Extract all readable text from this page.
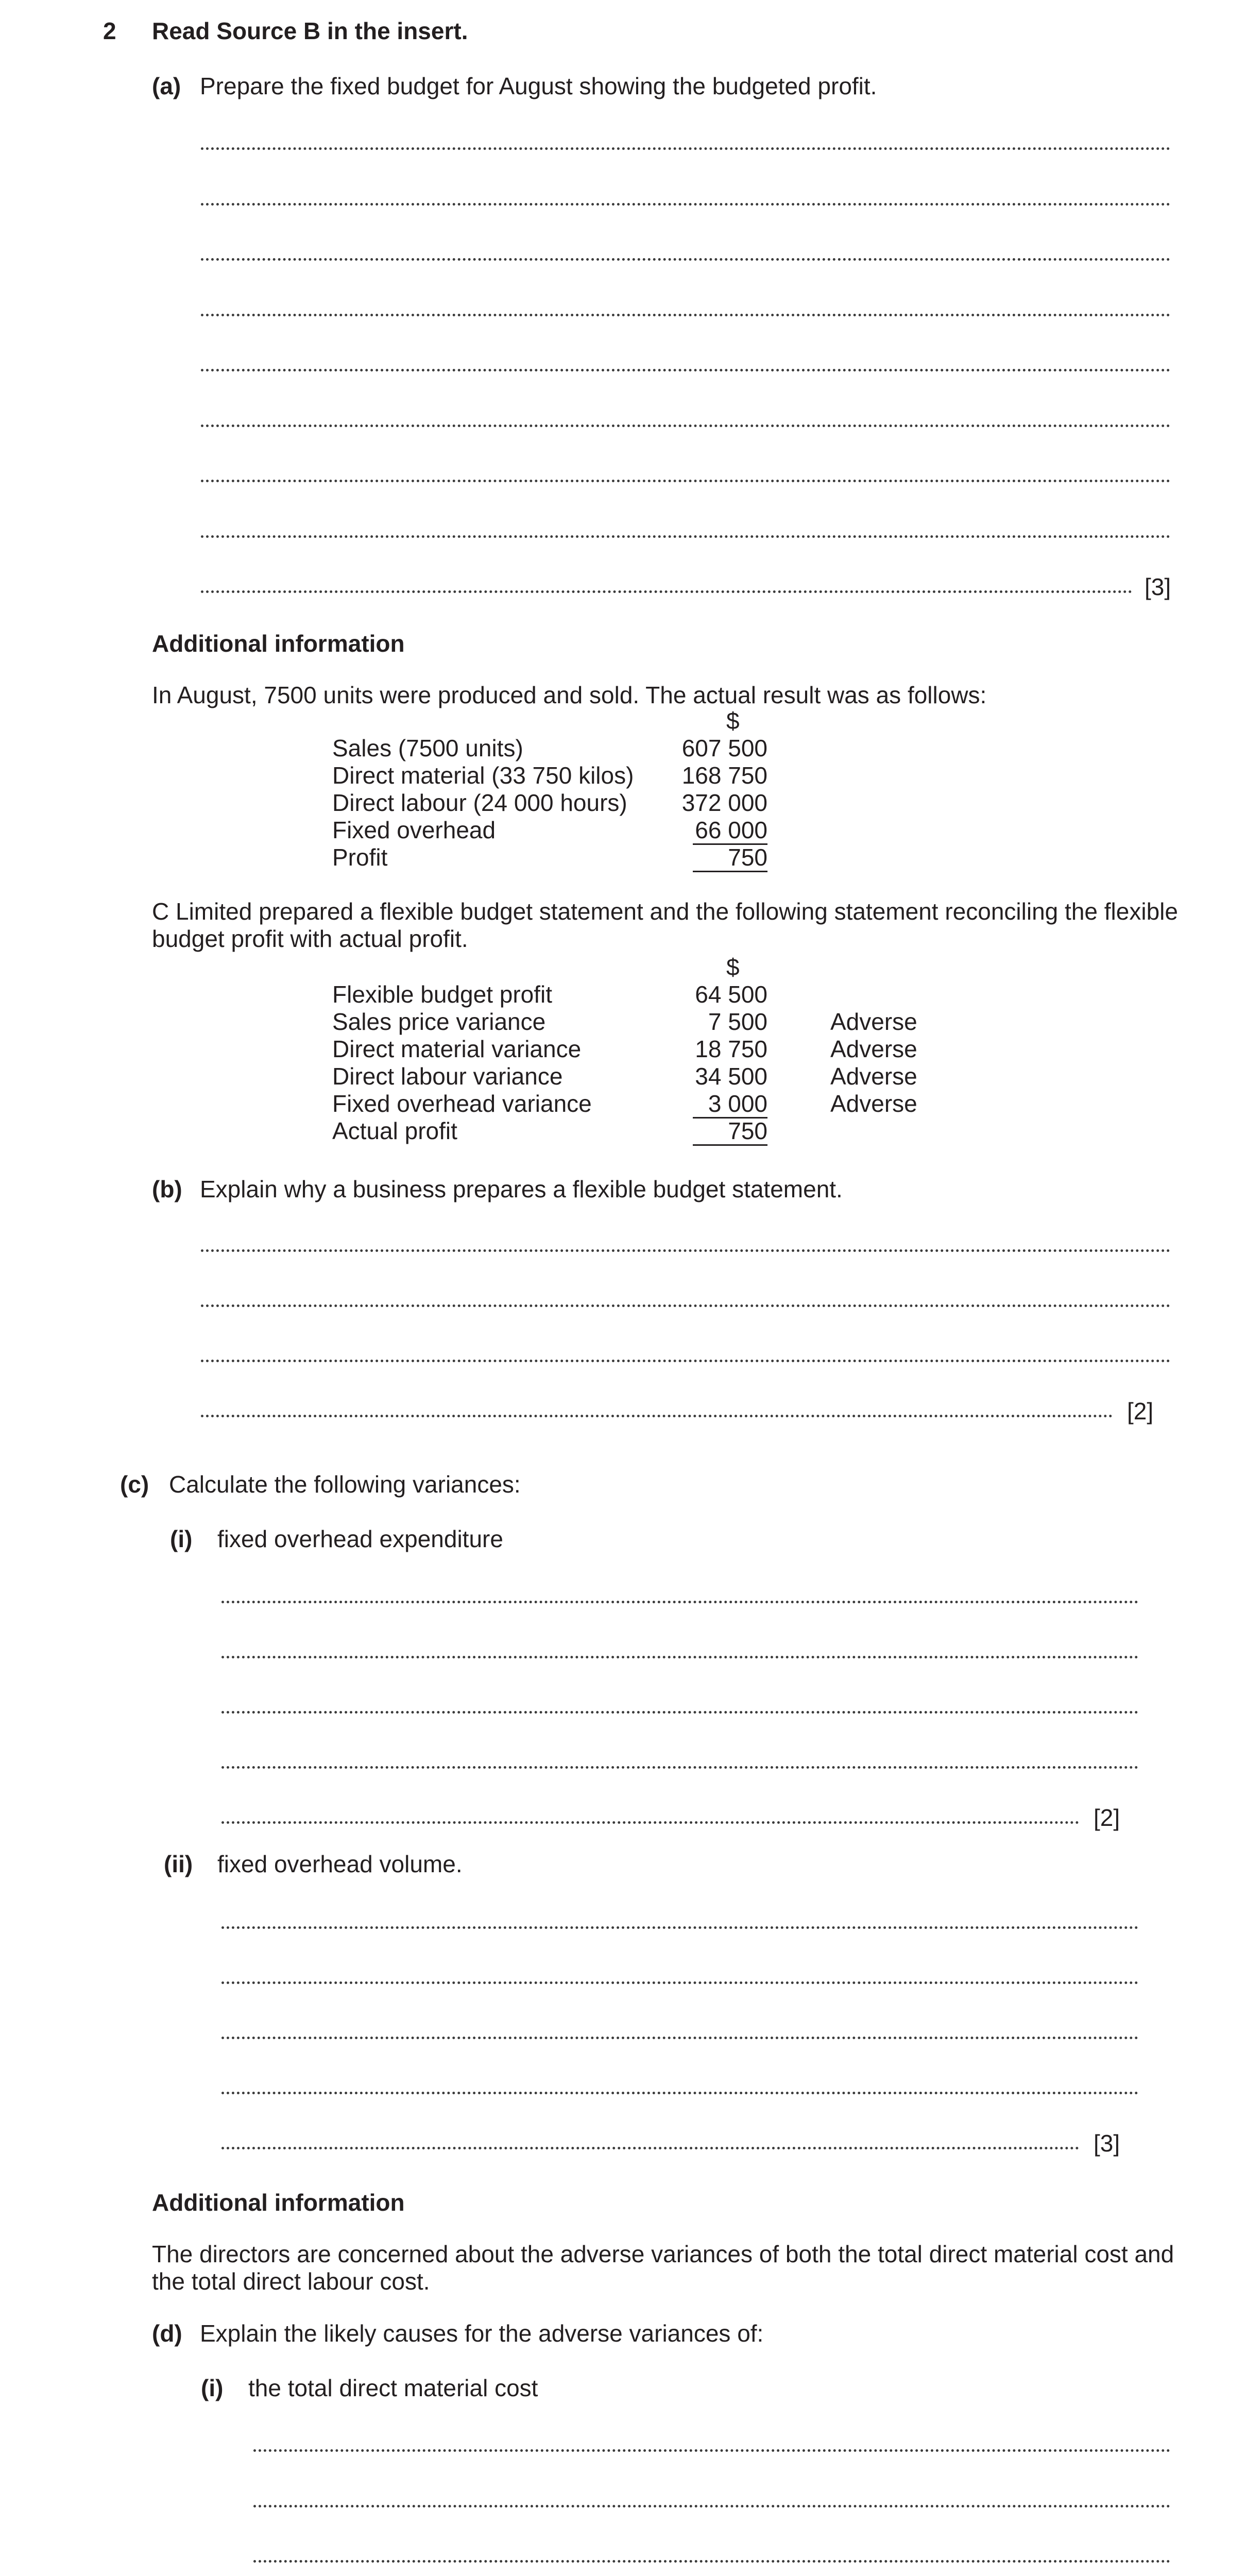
2 Read Source B in the insert.
(a) Prepare the fixed budget for August showing the budgeted profit.
[3]
Additional information
In August, 7500 units were produced and sold. The actual result was as follows:
$
Sales (7500 units)	607 500
Direct material (33 750 kilos)	168 750
Direct labour (24 000 hours)	372 000
Fixed overhead	66 000
Profit	750
C Limited prepared a flexible budget statement and the following statement reconciling the flexible
budget profit with actual profit.
$
Flexible budget profit	64 500
Sales price variance	7 500	Adverse
Direct material variance	18 750	Adverse
Direct labour variance	34 500	Adverse
Fixed overhead variance	3 000	Adverse
Actual profit	750
(b) Explain why a business prepares a flexible budget statement.
[2]
(c) Calculate the following variances:
(i) fixed overhead expenditure
[2]
(ii) fixed overhead volume.
[3]
Additional information
The directors are concerned about the adverse variances of both the total direct material cost and
the total direct labour cost.
(d) Explain the likely causes for the adverse variances of:
(i) the total direct material cost
